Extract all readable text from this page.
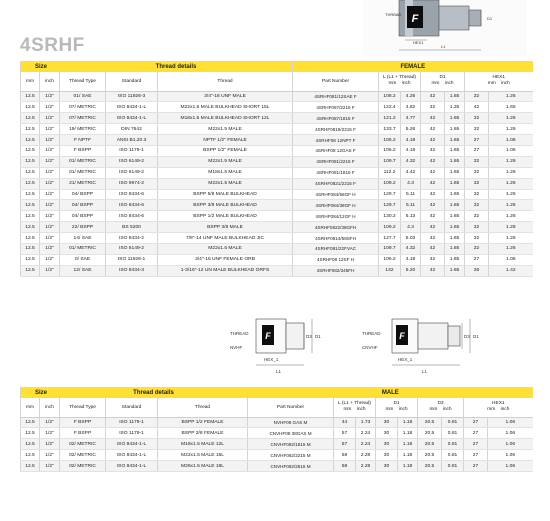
4SRHF
F
THREAD
D1
HEX1
L1
Size		Thread details			FEMALE						
mm	inch	Thread Type	Standard	Thread	Part Number	L (L1 + Thread)
mm inch		D1
mm inch		HEX1
mm inch	

12.5	1/2"	01/ SAE	ISO 11926-3	3/4"-16 UNF MALE	4SRHF081/12SAE F	108.2	4.26	42	1.65	32	1.26
12.5	1/2"	07/ METRIC	ISO 8434-1-L	M22x1.5 MALE BULKHEAD SHORT 15L	4SRHF087/2215 F	122.4	4.82	32	1.26	42	1.65
12.5	1/2"	07/ METRIC	ISO 8434-1-L	M18x1.5 MALE BULKHEAD SHORT 12L	4SRHF087/1815 F	121.2	4.77	42	1.65	32	1.26
12.5	1/2"	19/ METRIC	DIN 7642	M22x1.5 MALE	4SRHF0819/2215 F	133.7	5.26	42	1.65	32	1.26
12.5	1/2"	F NPTF	ANSI B1.20.3	NPTF 1/2" FEMALE	4SRHF08 12NPT F	106.2	4.18	42	1.65	27	1.06
12.5	1/2"	F BSPP	ISO 1179-1	BSPP 1/2" FEMALE	4SRHF08 12GAS F	106.2	4.18	42	1.65	27	1.06
12.5	1/2"	01/ METRIC	ISO 6149-2	M22x1.5 MALE	4SRHF081/2215 F	109.7	4.32	42	1.65	32	1.26
12.5	1/2"	01/ METRIC	ISO 6149-2	M18x1.5 MALE	4SRHF081/1815 F	112.2	4.42	42	1.65	32	1.26
12.5	1/2"	21/ METRIC	ISO 9974-2	M22x1.5 MALE	4SRHF0821/2215 F	109.2	4.3	42	1.65	32	1.26
12.5	1/2"	04/ BSPP	ISO 8434-6	BSPP 5/8 MALE BULKHEAD	4SRHF084/58GF H	129.7	5.11	42	1.65	32	1.26
12.5	1/2"	04/ BSPP	ISO 8434-6	BSPP 3/8 MALE BULKHEAD	4SRHF084/38GF H	129.7	5.11	42	1.65	32	1.26
12.5	1/2"	04/ BSPP	ISO 8434-6	BSPP 1/2 MALE BULKHEAD	4SRHF084/12GF H	130.2	5.13	42	1.65	32	1.26
12.5	1/2"	22/ BSPP	BS 5200	BSPP 3/8 MALE	4SRHF0822/38GFH	109.2	4.3	42	1.65	32	1.26
12.5	1/2"	14/ SAE	ISO 8434-2	7/8"-14 UNF MALE BULKHEAD JIC	4SRHF0814/58SFH	127.7	5.03	42	1.65	32	1.26
12.5	1/2"	01/ METRIC	ISO 6149-2	M22x1.5 MALE	4SRHF081/22FVAC	109.7	4.32	42	1.65	32	1.26
12.5	1/2"	0/ SAE	ISO 11926-1	3/4"-16 UNF FEMALE ORB	4SRHF08 12SF H	106.2	4.18	42	1.65	27	1.06
12.5	1/2"	12/ SAE	ISO 8434-3	1-3/16"-12 UN MALE BULKHEAD ORFS	4SRHF082/345FH	132	5.20	42	1.65	36	1.42
F
THREAD
NVHF
D3 D1
HEX_1
L1
F
THREAD
CNVHF
D3 D1
HEX_1
L1
Size		Thread details			MALE								
mm	inch	Thread Type	Standard	Thread	Part Number	L (L1 + Thread)
mm inch		D1
mm inch		D3
mm inch		HEX1
mm inch	

12.5	1/2"	F BSPP	ISO 1179-1	BSPP 1/2 FEMALE	NVHF08 GAS M	44	1.73	30	1.18	20.5	0.81	27	1.06
12.5	1/2"	F BSPP	ISO 1179-1	BSPP 3/8 FEMALE	CNVHF08 38GAS M	57	2.24	30	1.18	20.5	0.81	27	1.06
12.5	1/2"	02/ METRIC	ISO 8434-1-L	M18x1.5 MALE 12L	CNVHF082/1815 M	57	2.24	30	1.18	20.5	0.81	27	1.06
12.5	1/2"	02/ METRIC	ISO 8434-1-L	M22x1.5 MALE 15L	CNVHF082/2215 M	58	2.28	30	1.18	20.5	0.81	27	1.06
12.5	1/2"	02/ METRIC	ISO 8434-1-L	M26x1.5 MALE 18L	CNVHF082/2615 M	58	2.28	30	1.18	20.5	0.81	27	1.06
